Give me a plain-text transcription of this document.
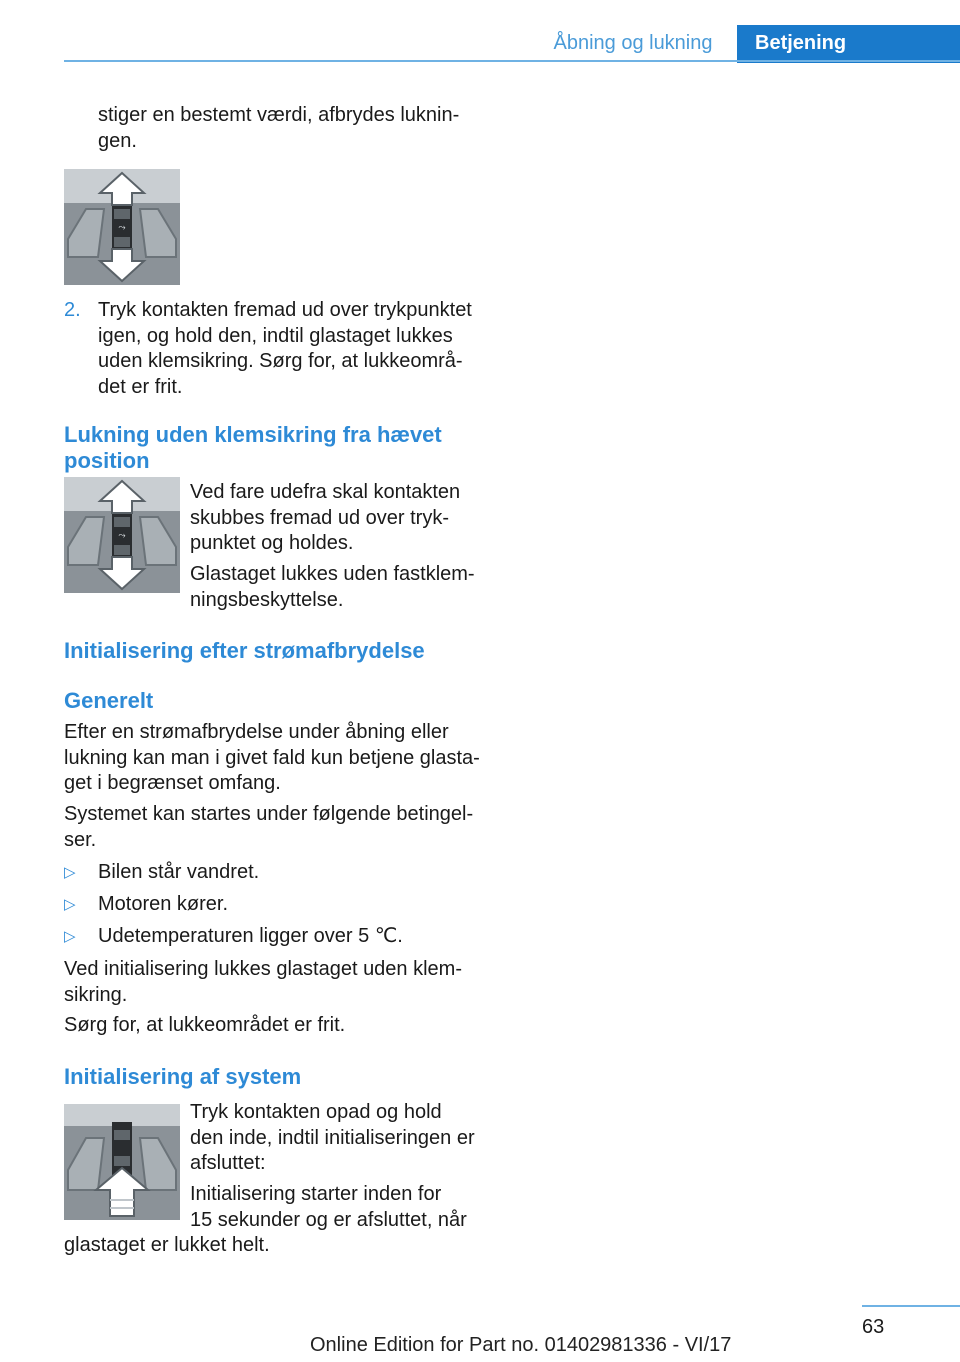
Åbning og lukning	Betjening

stiger en bestemt værdi, afbrydes luknin‐

gen.

⤳
2. Tryk kontakten fremad ud over trykpunktet

igen, og hold den, indtil glastaget lukkes

uden klemsikring. Sørg for, at lukkeområ‐

det er frit.

Lukning uden klemsikring fra hævet

position

⤳

Ved fare udefra skal kontakten

skubbes fremad ud over tryk‐

punktet og holdes.

Glastaget lukkes uden fastklem‐

ningsbeskyttelse.

Initialisering efter strømafbrydelse

Generelt

Efter en strømafbrydelse under åbning eller

lukning kan man i givet fald kun betjene glasta‐

get i begrænset omfang.

Systemet kan startes under følgende betingel‐

ser.

▷ Bilen står vandret.

▷ Motoren kører.

▷ Udetemperaturen ligger over 5 ℃.

Ved initialisering lukkes glastaget uden klem‐

sikring.

Sørg for, at lukkeområdet er frit.

Initialisering af system

Tryk kontakten opad og hold

den inde, indtil initialiseringen er

afsluttet:

Initialisering starter inden for

15 sekunder og er afsluttet, når

glastaget er lukket helt.

63
Online Edition for Part no. 01402981336 - VI/17
